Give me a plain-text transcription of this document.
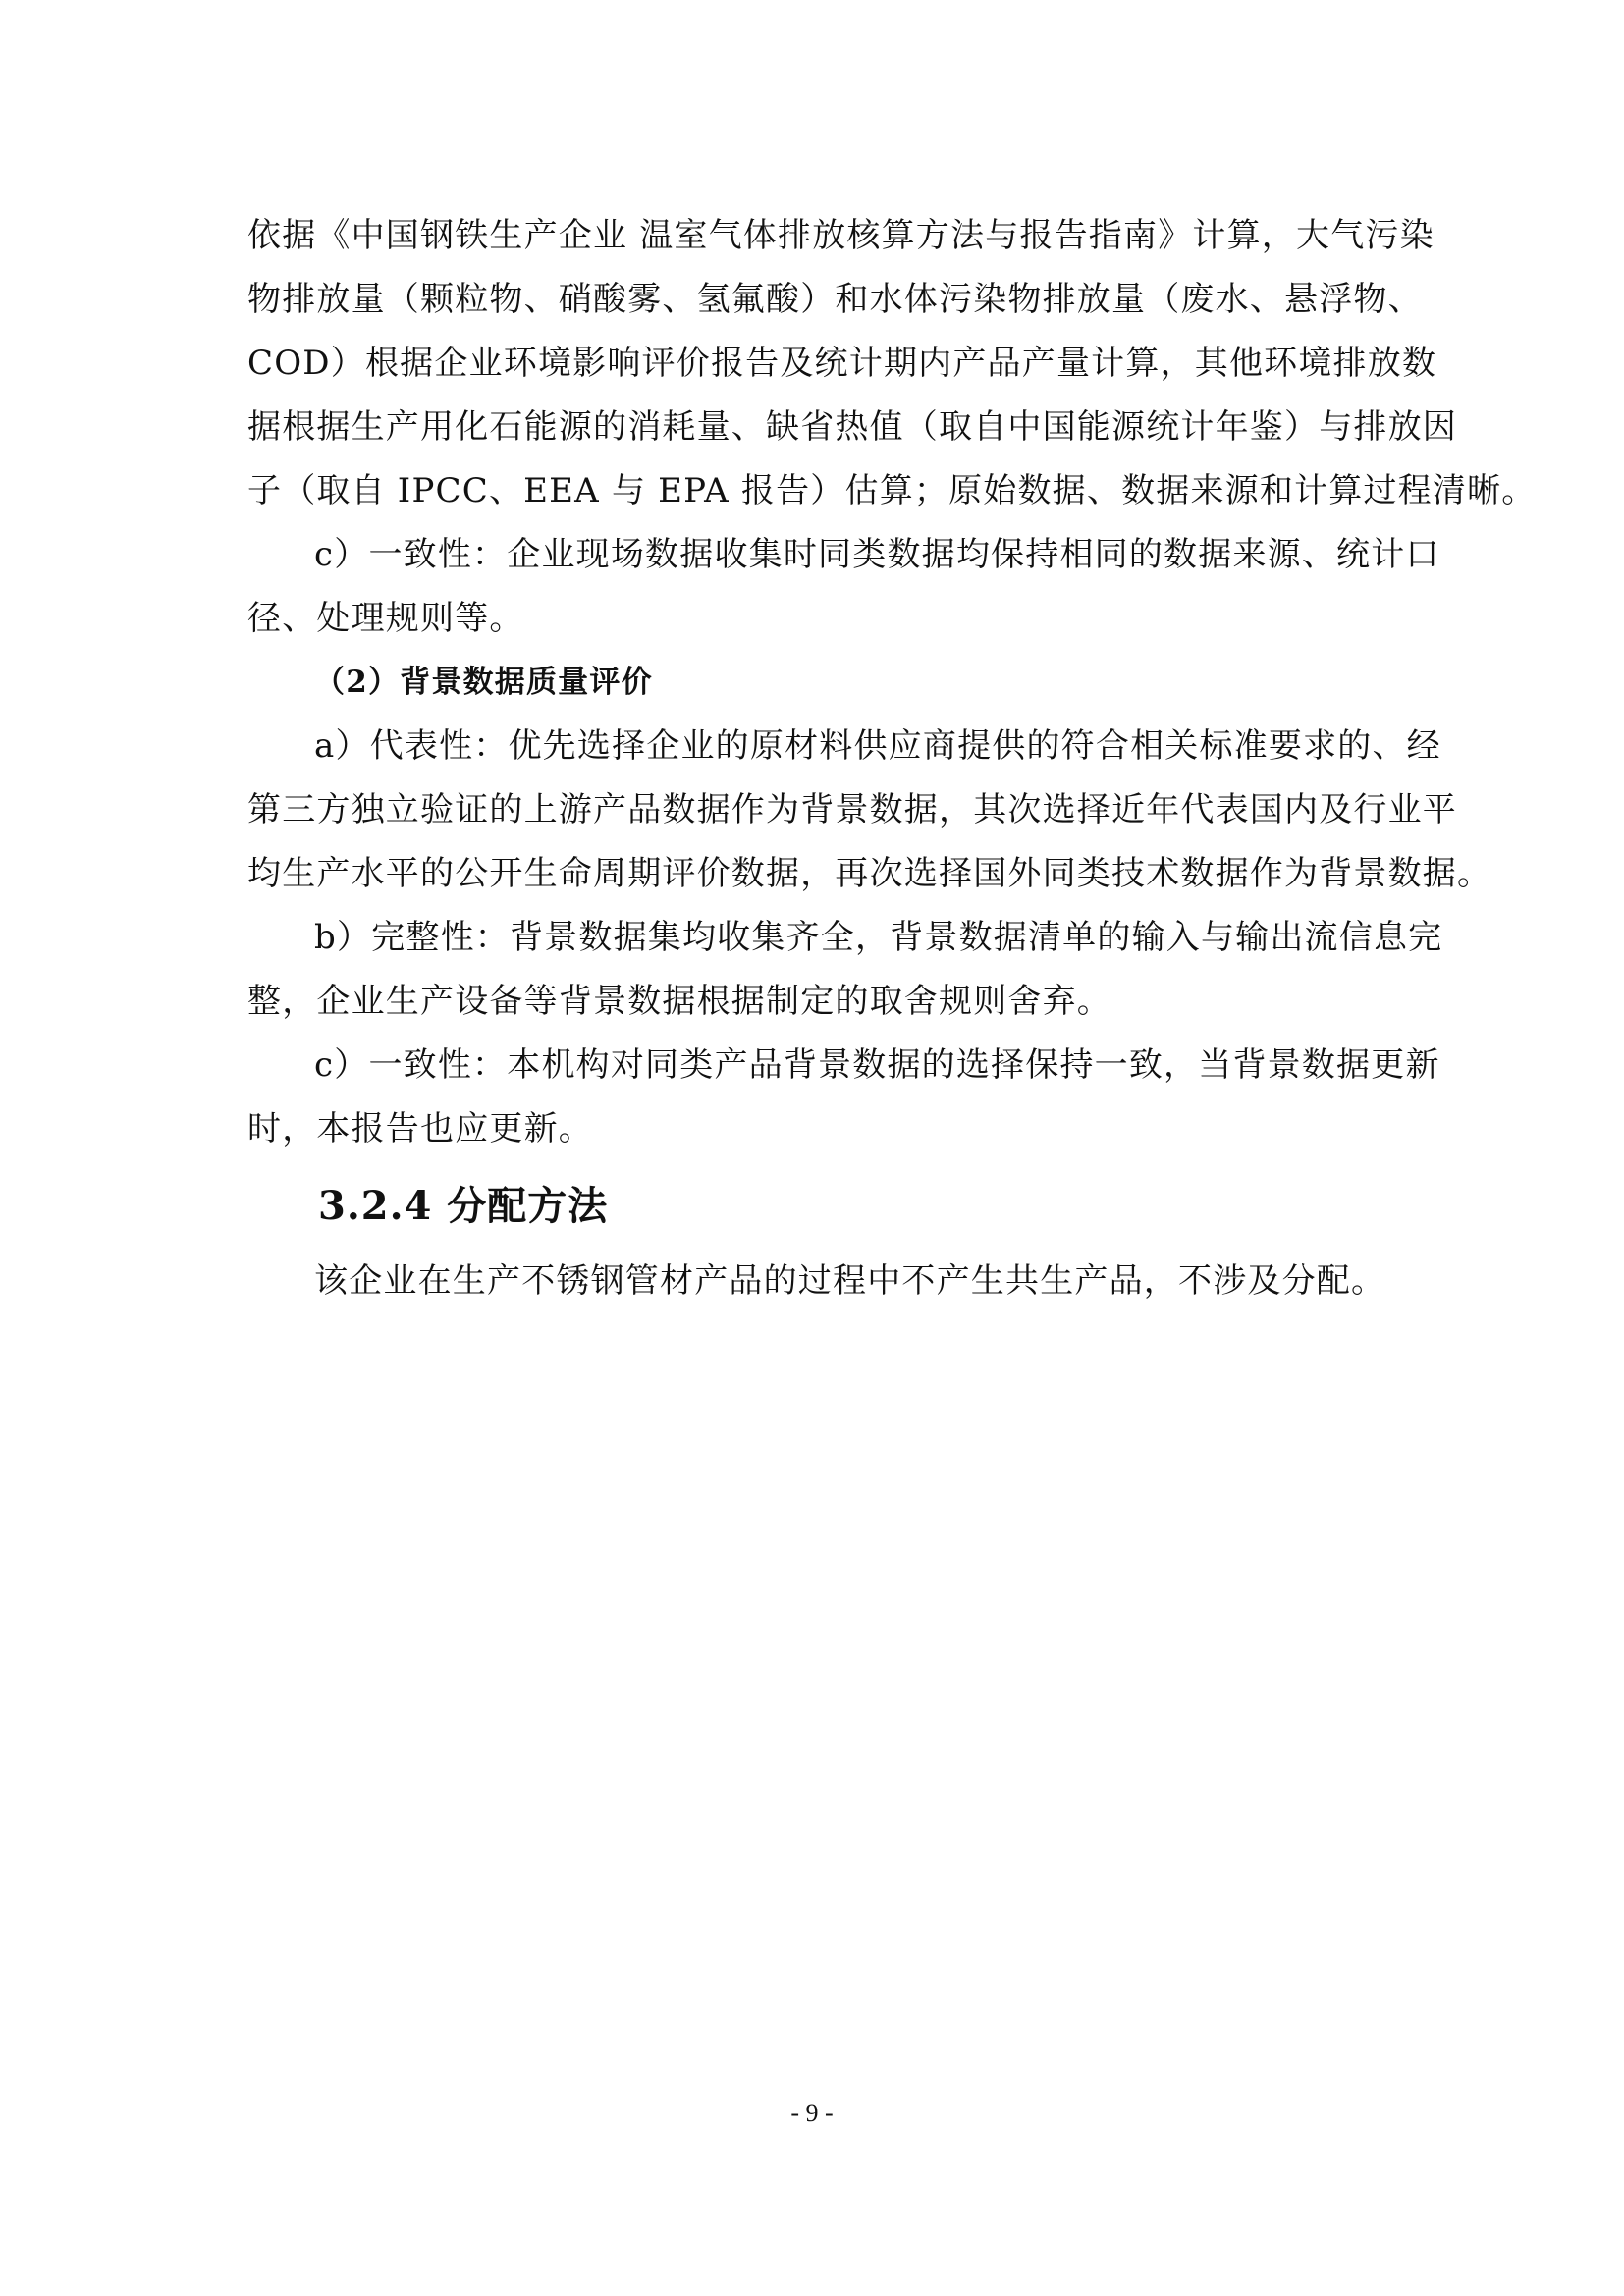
依据《中国钢铁生产企业 温室气体排放核算方法与报告指南》计算，大气污染
物排放量（颗粒物、硝酸雾、氢氟酸）和水体污染物排放量（废水、悬浮物、
COD）根据企业环境影响评价报告及统计期内产品产量计算，其他环境排放数
据根据生产用化石能源的消耗量、缺省热值（取自中国能源统计年鉴）与排放因
子（取自 IPCC、EEA 与 EPA 报告）估算；原始数据、数据来源和计算过程清晰。
c）一致性：企业现场数据收集时同类数据均保持相同的数据来源、统计口
径、处理规则等。
（2）背景数据质量评价
a）代表性：优先选择企业的原材料供应商提供的符合相关标准要求的、经
第三方独立验证的上游产品数据作为背景数据，其次选择近年代表国内及行业平
均生产水平的公开生命周期评价数据，再次选择国外同类技术数据作为背景数据。
b）完整性：背景数据集均收集齐全，背景数据清单的输入与输出流信息完
整，企业生产设备等背景数据根据制定的取舍规则舍弃。
c）一致性：本机构对同类产品背景数据的选择保持一致，当背景数据更新
时，本报告也应更新。
3.2.4 分配方法
该企业在生产不锈钢管材产品的过程中不产生共生产品，不涉及分配。
- 9 -
